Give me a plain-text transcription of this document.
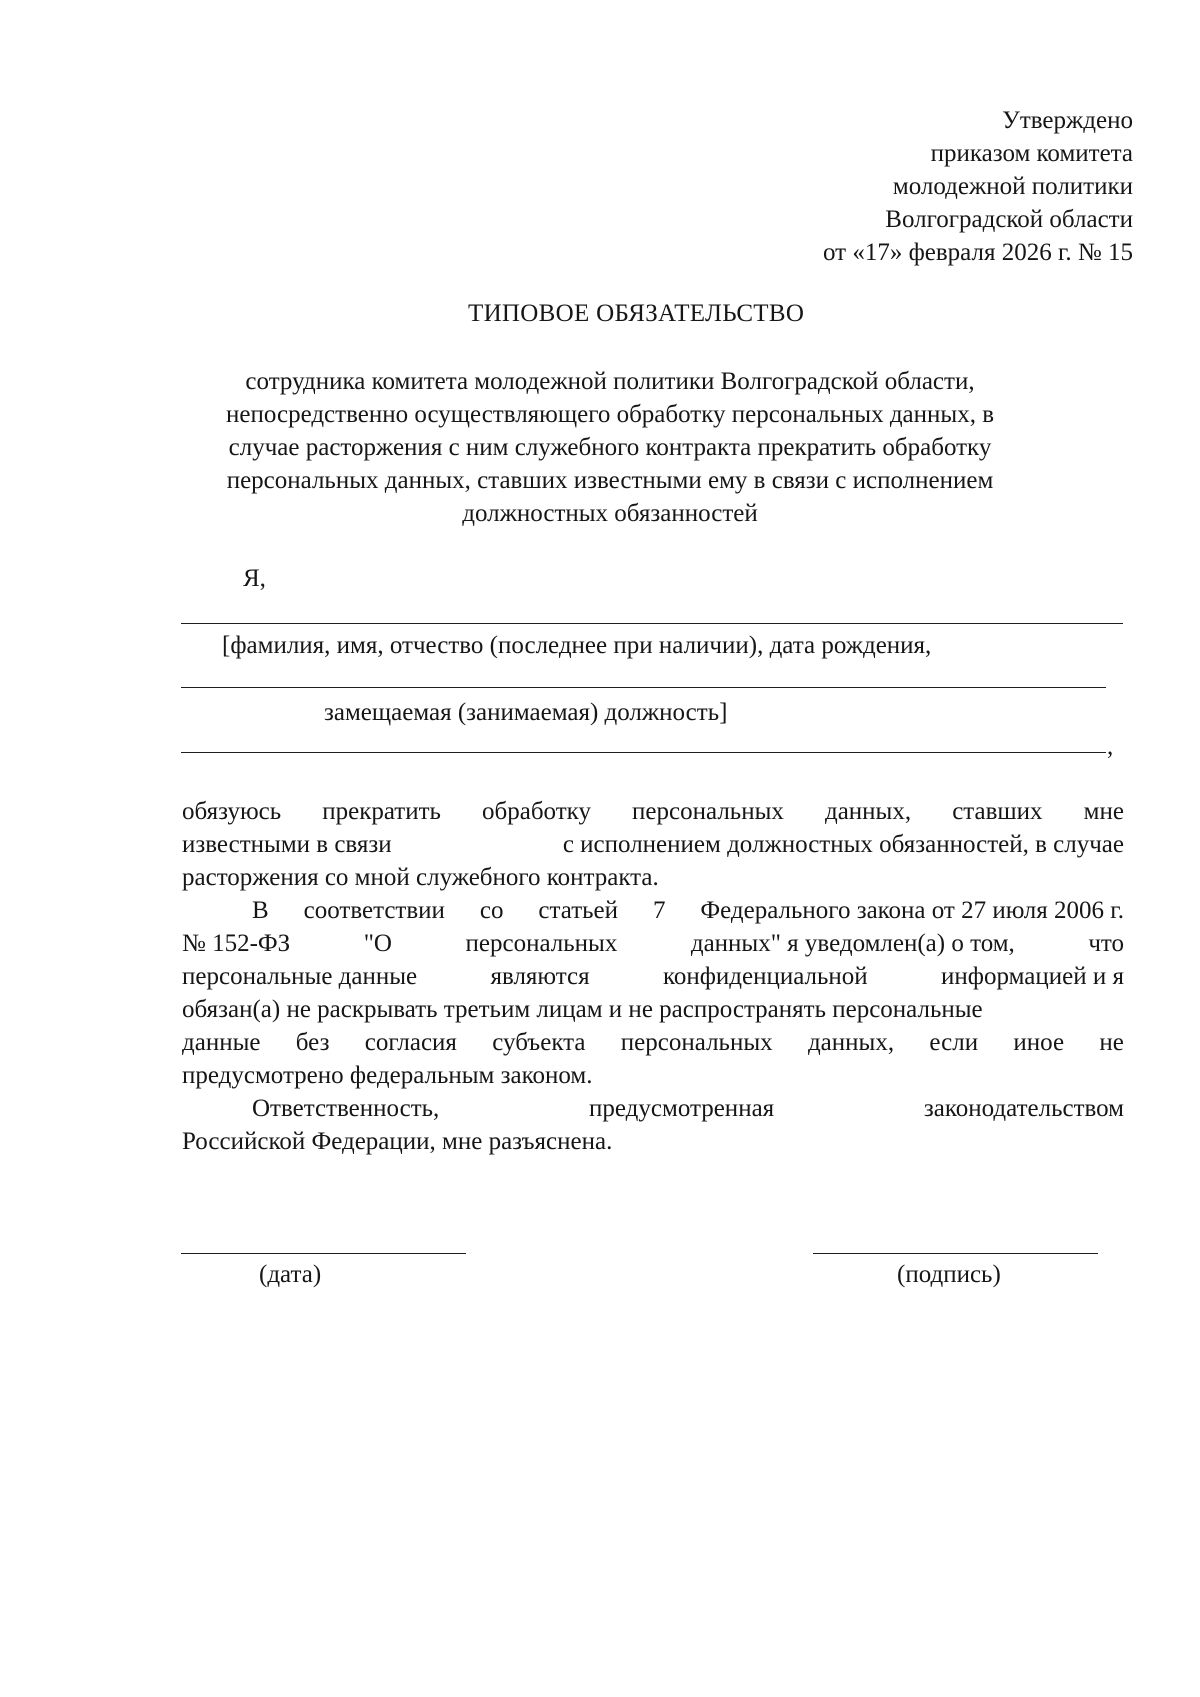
Утверждено
приказом комитета
молодежной политики
Волгоградской области
от «17» февраля 2026 г. № 15
ТИПОВОЕ ОБЯЗАТЕЛЬСТВО
сотрудника комитета молодежной политики Волгоградской области,
непосредственно осуществляющего обработку персональных данных, в
случае расторжения с ним служебного контракта прекратить обработку
персональных данных, ставших известными ему в связи с исполнением
должностных обязанностей
Я,
[фамилия, имя, отчество (последнее при наличии), дата рождения,
замещаемая (занимаемая) должность]
,
обязуюсь прекратить обработку персональных данных, ставших мне
известными в связи	с исполнением должностных обязанностей, в случае
расторжения со мной служебного контракта.
В соответствии со статьей 7 Федерального закона от 27 июля 2006 г.
№ 152-ФЗ	"О	персональных	данных" я уведомлен(а) о том,	что
персональные данные	являются	конфиденциальной	информацией и я
обязан(а) не раскрывать третьим лицам и не распространять персональные
данные без согласия субъекта персональных данных, если иное не
предусмотрено федеральным законом.
Ответственность,	предусмотренная	законодательством
Российской Федерации, мне разъяснена.
(дата)	(подпись)
